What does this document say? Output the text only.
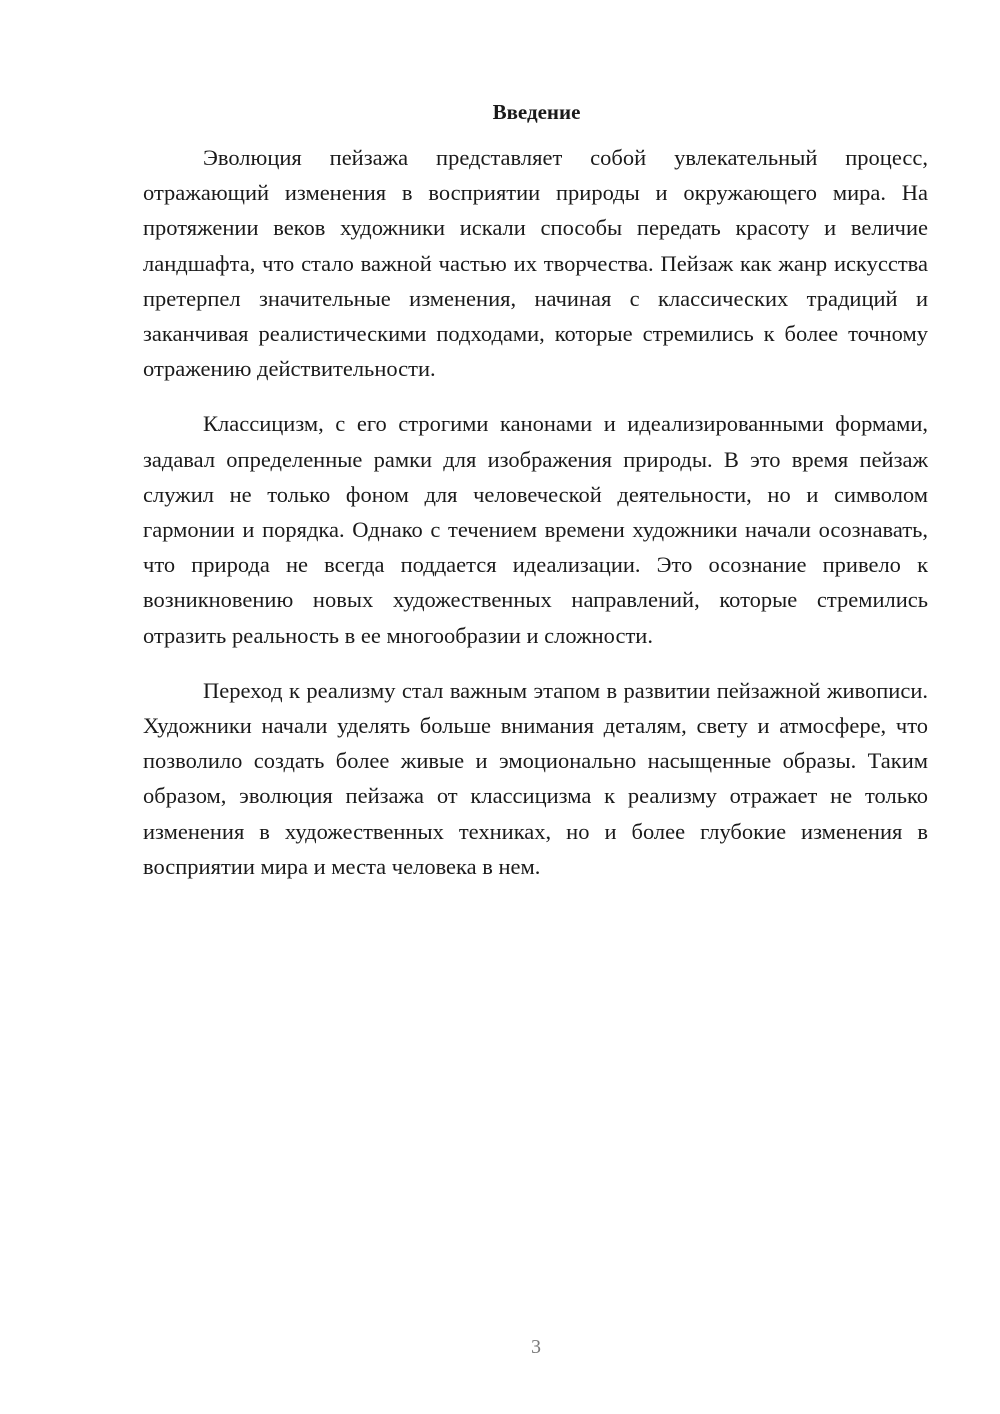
Введение

Эволюция пейзажа представляет собой увлекательный процесс, отражающий изменения в восприятии природы и окружающего мира. На протяжении веков художники искали способы передать красоту и величие ландшафта, что стало важной частью их творчества. Пейзаж как жанр искусства претерпел значительные изменения, начиная с классических традиций и заканчивая реалистическими подходами, которые стремились к более точному отражению действительности.

Классицизм, с его строгими канонами и идеализированными формами, задавал определенные рамки для изображения природы. В это время пейзаж служил не только фоном для человеческой деятельности, но и символом гармонии и порядка. Однако с течением времени художники начали осознавать, что природа не всегда поддается идеализации. Это осознание привело к возникновению новых художественных направлений, которые стремились отразить реальность в ее многообразии и сложности.

Переход к реализму стал важным этапом в развитии пейзажной живописи. Художники начали уделять больше внимания деталям, свету и атмосфере, что позволило создать более живые и эмоционально насыщенные образы. Таким образом, эволюция пейзажа от классицизма к реализму отражает не только изменения в художественных техниках, но и более глубокие изменения в восприятии мира и места человека в нем.

3
